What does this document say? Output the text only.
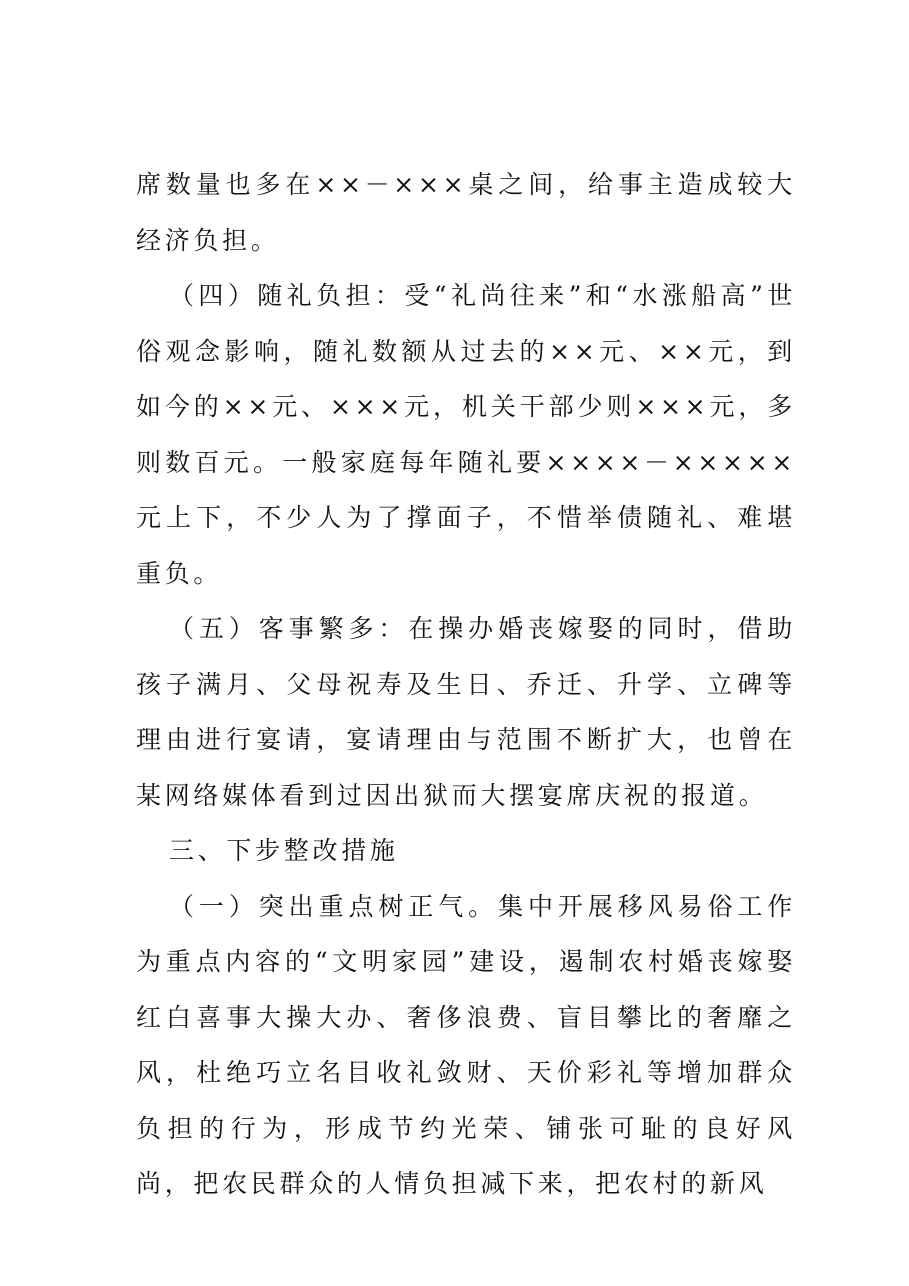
席数量也多在××－×××桌之间，给事主造成较大经济负担。

（四）随礼负担：受“礼尚往来”和“水涨船高”世俗观念影响，随礼数额从过去的××元、××元，到如今的××元、×××元，机关干部少则×××元，多则数百元。一般家庭每年随礼要××××－×××××元上下，不少人为了撑面子，不惜举债随礼、难堪重负。

（五）客事繁多：在操办婚丧嫁娶的同时，借助孩子满月、父母祝寿及生日、乔迁、升学、立碑等理由进行宴请，宴请理由与范围不断扩大，也曾在某网络媒体看到过因出狱而大摆宴席庆祝的报道。

三、下步整改措施

（一）突出重点树正气。集中开展移风易俗工作为重点内容的“文明家园”建设，遏制农村婚丧嫁娶红白喜事大操大办、奢侈浪费、盲目攀比的奢靡之风，杜绝巧立名目收礼敛财、天价彩礼等增加群众负担的行为，形成节约光荣、铺张可耻的良好风尚，把农民群众的人情负担减下来，把农村的新风
